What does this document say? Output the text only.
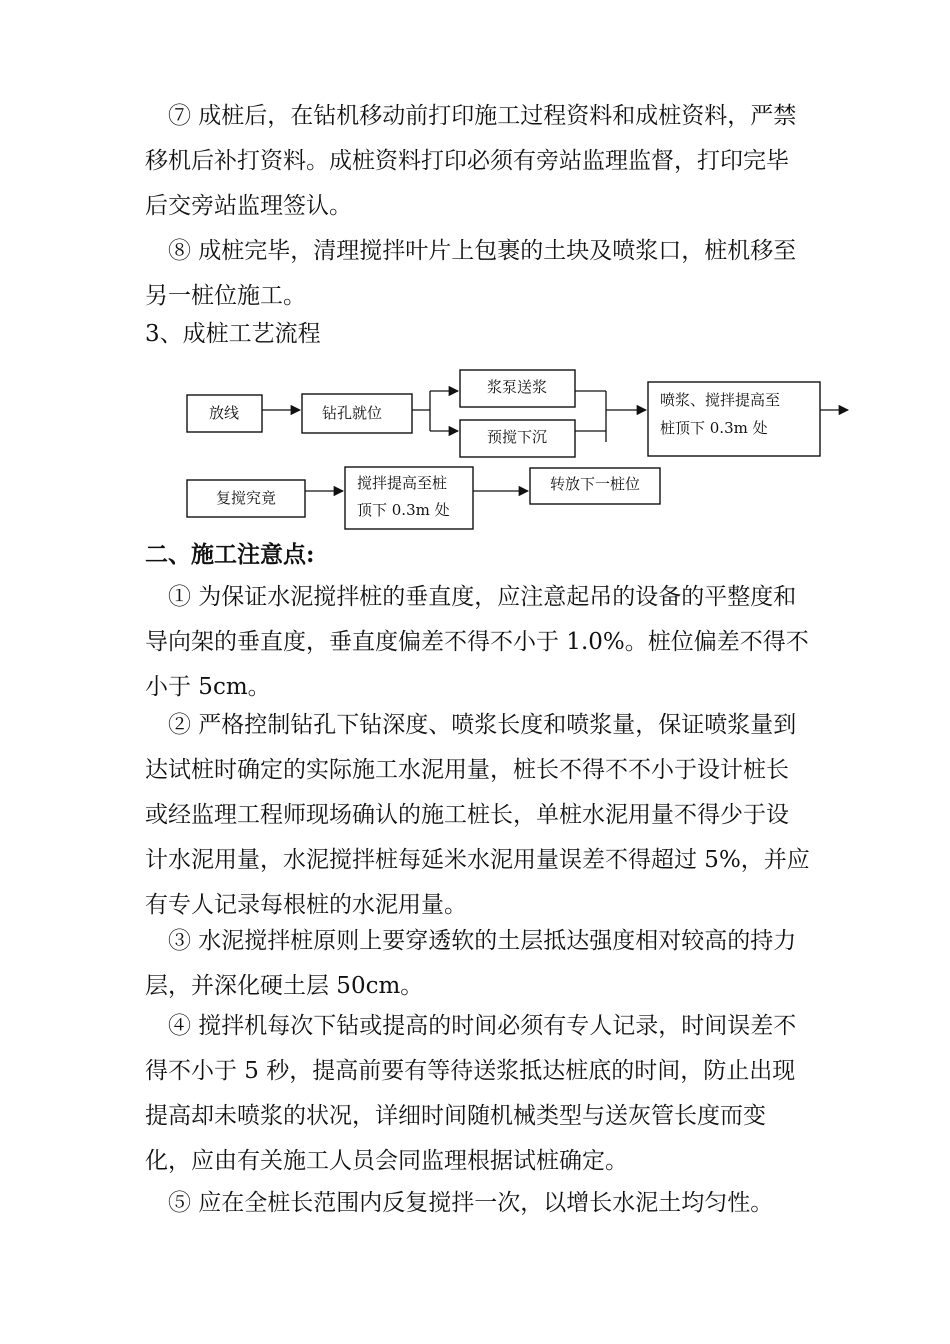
⑦ 成桩后，在钻机移动前打印施工过程资料和成桩资料，严禁移机后补打资料。成桩资料打印必须有旁站监理监督，打印完毕后交旁站监理签认。

⑧ 成桩完毕，清理搅拌叶片上包裹的土块及喷浆口，桩机移至另一桩位施工。

3、成桩工艺流程

放线	钻孔就位
浆泵送浆
预搅下沉
喷浆、搅拌提高至
桩顶下 0.3m 处
复搅究竟
搅拌提高至桩
顶下 0.3m 处
转放下一桩位

二、施工注意点:

① 为保证水泥搅拌桩的垂直度，应注意起吊的设备的平整度和导向架的垂直度，垂直度偏差不得不小于 1.0%。桩位偏差不得不小于 5cm。

② 严格控制钻孔下钻深度、喷浆长度和喷浆量，保证喷浆量到达试桩时确定的实际施工水泥用量，桩长不得不不小于设计桩长或经监理工程师现场确认的施工桩长，单桩水泥用量不得少于设计水泥用量，水泥搅拌桩每延米水泥用量误差不得超过 5%，并应有专人记录每根桩的水泥用量。

③ 水泥搅拌桩原则上要穿透软的土层抵达强度相对较高的持力层，并深化硬土层 50cm。

④ 搅拌机每次下钻或提高的时间必须有专人记录，时间误差不得不小于 5 秒，提高前要有等待送浆抵达桩底的时间，防止出现提高却未喷浆的状况，详细时间随机械类型与送灰管长度而变化，应由有关施工人员会同监理根据试桩确定。

⑤ 应在全桩长范围内反复搅拌一次，以增长水泥土均匀性。
